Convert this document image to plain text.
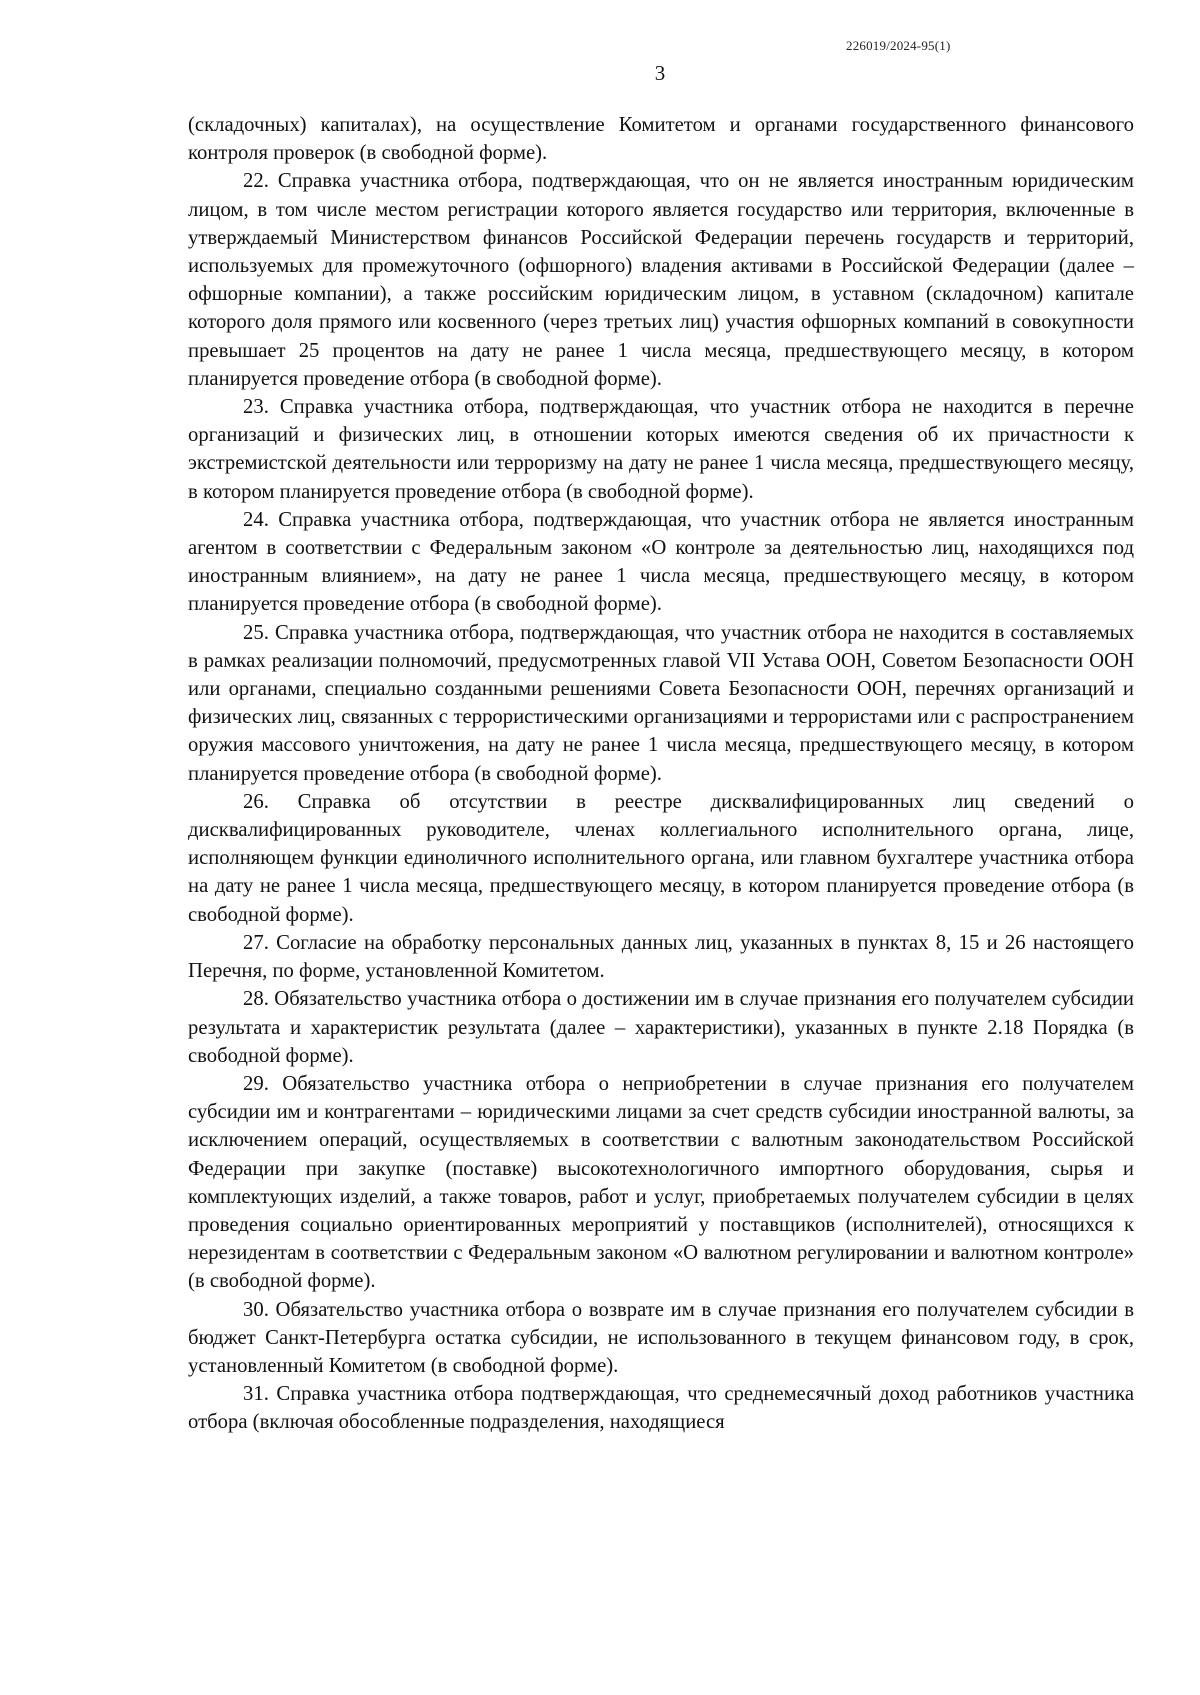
226019/2024-95(1)
3

(складочных) капиталах), на осуществление Комитетом и органами государственного финансового контроля проверок (в свободной форме).

22. Справка участника отбора, подтверждающая, что он не является иностранным юридическим лицом, в том числе местом регистрации которого является государство или территория, включенные в утверждаемый Министерством финансов Российской Федерации перечень государств и территорий, используемых для промежуточного (офшорного) владения активами в Российской Федерации (далее – офшорные компании), а также российским юридическим лицом, в уставном (складочном) капитале которого доля прямого или косвенного (через третьих лиц) участия офшорных компаний в совокупности превышает 25 процентов на дату не ранее 1 числа месяца, предшествующего месяцу, в котором планируется проведение отбора (в свободной форме).

23. Справка участника отбора, подтверждающая, что участник отбора не находится в перечне организаций и физических лиц, в отношении которых имеются сведения об их причастности к экстремистской деятельности или терроризму на дату не ранее 1 числа месяца, предшествующего месяцу, в котором планируется проведение отбора (в свободной форме).

24. Справка участника отбора, подтверждающая, что участник отбора не является иностранным агентом в соответствии с Федеральным законом «О контроле за деятельностью лиц, находящихся под иностранным влиянием», на дату не ранее 1 числа месяца, предшествующего месяцу, в котором планируется проведение отбора (в свободной форме).

25. Справка участника отбора, подтверждающая, что участник отбора не находится в составляемых в рамках реализации полномочий, предусмотренных главой VII Устава ООН, Советом Безопасности ООН или органами, специально созданными решениями Совета Безопасности ООН, перечнях организаций и физических лиц, связанных с террористическими организациями и террористами или с распространением оружия массового уничтожения, на дату не ранее 1 числа месяца, предшествующего месяцу, в котором планируется проведение отбора (в свободной форме).

26. Справка об отсутствии в реестре дисквалифицированных лиц сведений о дисквалифицированных руководителе, членах коллегиального исполнительного органа, лице, исполняющем функции единоличного исполнительного органа, или главном бухгалтере участника отбора на дату не ранее 1 числа месяца, предшествующего месяцу, в котором планируется проведение отбора (в свободной форме).

27. Согласие на обработку персональных данных лиц, указанных в пунктах 8, 15 и 26 настоящего Перечня, по форме, установленной Комитетом.

28. Обязательство участника отбора о достижении им в случае признания его получателем субсидии результата и характеристик результата (далее – характеристики), указанных в пункте 2.18 Порядка (в свободной форме).

29. Обязательство участника отбора о неприобретении в случае признания его получателем субсидии им и контрагентами – юридическими лицами за счет средств субсидии иностранной валюты, за исключением операций, осуществляемых в соответствии с валютным законодательством Российской Федерации при закупке (поставке) высокотехнологичного импортного оборудования, сырья и комплектующих изделий, а также товаров, работ и услуг, приобретаемых получателем субсидии в целях проведения социально ориентированных мероприятий у поставщиков (исполнителей), относящихся к нерезидентам в соответствии с Федеральным законом «О валютном регулировании и валютном контроле» (в свободной форме).

30. Обязательство участника отбора о возврате им в случае признания его получателем субсидии в бюджет Санкт-Петербурга остатка субсидии, не использованного в текущем финансовом году, в срок, установленный Комитетом (в свободной форме).

31. Справка участника отбора подтверждающая, что среднемесячный доход работников участника отбора (включая обособленные подразделения, находящиеся
